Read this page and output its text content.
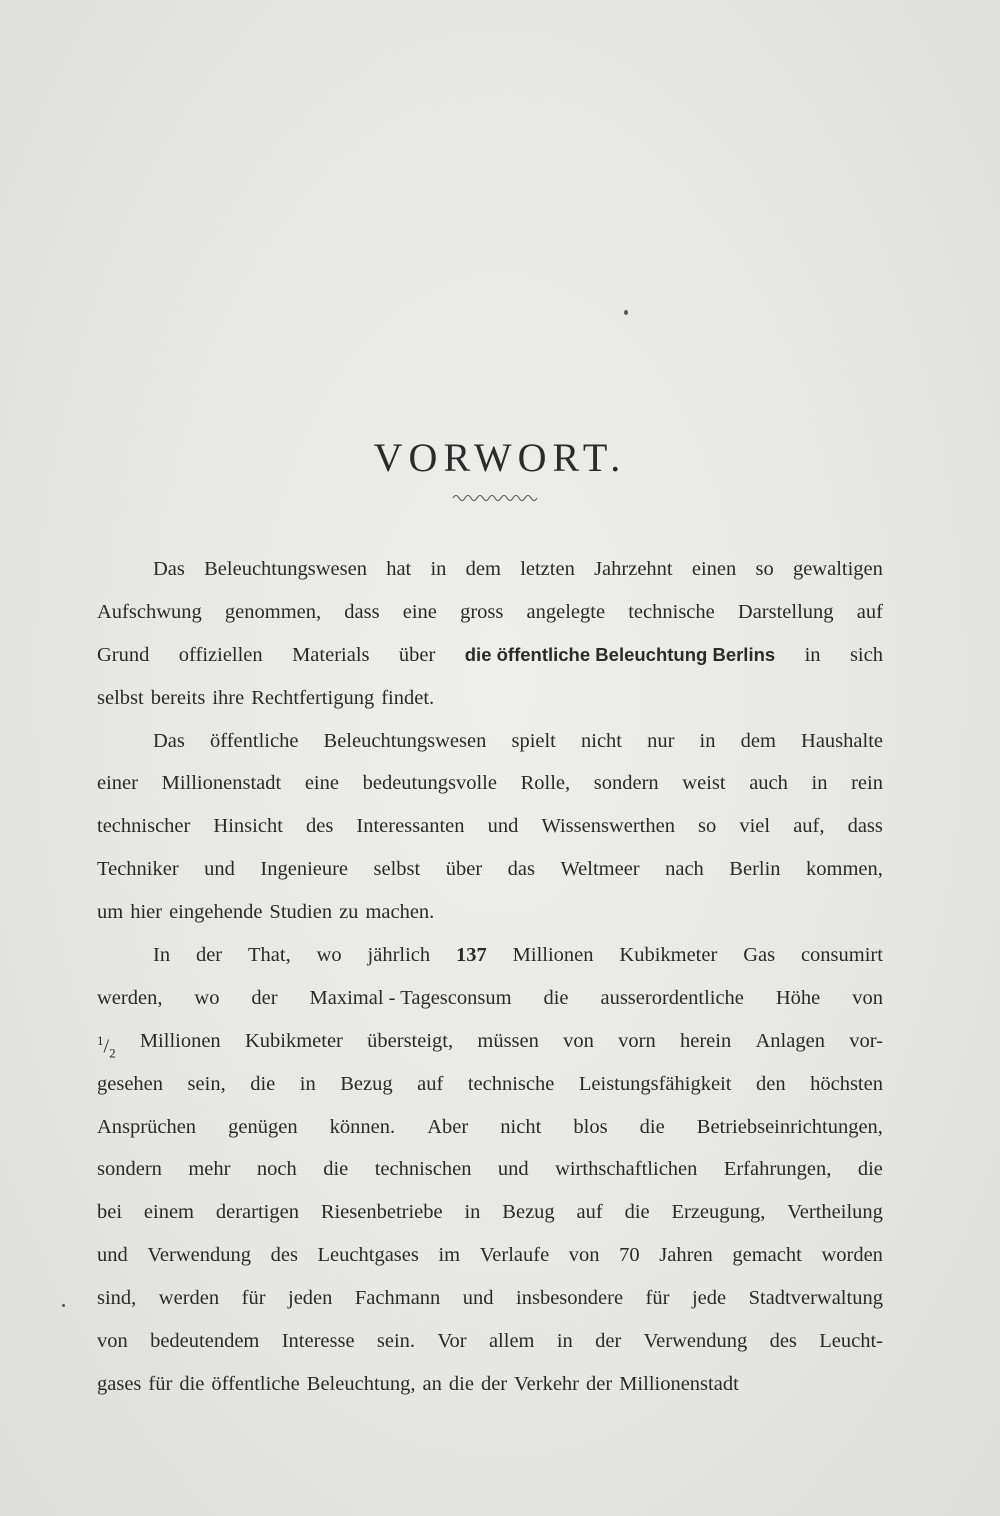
VORWORT.
Das Beleuchtungswesen hat in dem letzten Jahrzehnt einen so gewaltigen
Aufschwung genommen, dass eine gross angelegte technische Darstellung auf
Grund offiziellen Materials über die öffentliche Beleuchtung Berlins in sich
selbst bereits ihre Rechtfertigung findet.
Das öffentliche Beleuchtungswesen spielt nicht nur in dem Haushalte
einer Millionenstadt eine bedeutungsvolle Rolle, sondern weist auch in rein
technischer Hinsicht des Interessanten und Wissenswerthen so viel auf, dass
Techniker und Ingenieure selbst über das Weltmeer nach Berlin kommen,
um hier eingehende Studien zu machen.
In der That, wo jährlich 137 Millionen Kubikmeter Gas consumirt
werden, wo der Maximal - Tagesconsum die ausserordentliche Höhe von
$^1/_2$
Millionen Kubikmeter übersteigt, müssen von vorn herein Anlagen vor-
gesehen sein, die in Bezug auf technische Leistungsfähigkeit den höchsten
Ansprüchen genügen können. Aber nicht blos die Betriebseinrichtungen,
sondern mehr noch die technischen und wirthschaftlichen Erfahrungen, die
bei einem derartigen Riesenbetriebe in Bezug auf die Erzeugung, Vertheilung
und Verwendung des Leuchtgases im Verlaufe von 70 Jahren gemacht worden
sind, werden für jeden Fachmann und insbesondere für jede Stadtverwaltung
von bedeutendem Interesse sein. Vor allem in der Verwendung des Leucht-
gases für die öffentliche Beleuchtung, an die der Verkehr der Millionenstadt
